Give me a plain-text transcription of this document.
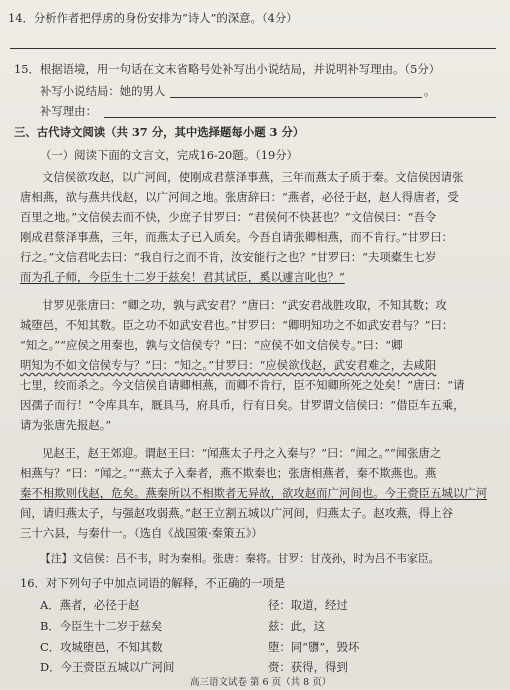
14．分析作者把俘虏的身份安排为“诗人”的深意。（4分）
15．根据语境，用一句话在文末省略号处补写出小说结局，并说明补写理由。（5分）
补写小说结局：她的男人	。
补写理由：
三、古代诗文阅读（共 37 分，其中选择题每小题 3 分）
（一）阅读下面的文言文，完成16-20题。（19分）
文信侯欲攻赵，以广河间，使刚成君蔡泽事燕，三年而燕太子质于秦。文信侯因请张
唐相燕，欲与燕共伐赵，以广河间之地。张唐辞曰：“燕者，必径于赵，赵人得唐者，受
百里之地。”文信侯去而不快，少庶子甘罗曰：“君侯何不快甚也？”文信侯曰：“吾令
刚成君蔡泽事燕，三年，而燕太子已入质矣。今吾自请张卿相燕，而不肯行。”甘罗曰：
行之。”文信君叱去曰：“我自行之而不肯，汝安能行之也？”甘罗曰：“夫项橐生七岁
而为孔子师，今臣生十二岁于兹矣！君其试臣，奚以遽言叱也？”
甘罗见张唐曰：“卿之功，孰与武安君？”唐曰：“武安君战胜攻取，不知其数；攻
城堕邑，不知其数。臣之功不如武安君也。”甘罗曰：“卿明知功之不如武安君与？”曰：
“知之。”“应侯之用秦也，孰与文信侯专？”曰：“应侯不如文信侯专。”曰：“卿
明知为不如文信侯专与？”曰：“知之。”甘罗曰：“应侯欲伐赵，武安君难之，去咸阳
七里，绞而杀之。今文信侯自请卿相燕，而卿不肯行，臣不知卿所死之处矣！”唐曰：“请
因孺子而行！”令库具车，厩具马，府具币，行有日矣。甘罗谓文信侯曰：“借臣车五乘，
请为张唐先报赵。”
见赵王，赵王郊迎。谓赵王曰：“闻燕太子丹之入秦与？”曰：“闻之。”“闻张唐之
相燕与？”曰：“闻之。”“燕太子入秦者，燕不欺秦也；张唐相燕者，秦不欺燕也。燕
秦不相欺则伐赵，危矣。燕秦所以不相欺者无异故，欲攻赵而广河间也。今王赍臣五城以广河
间，请归燕太子，与强赵攻弱燕。”赵王立割五城以广河间，归燕太子。赵攻燕，得上谷
三十六县，与秦什一。（选自《战国策·秦策五》）
【注】文信侯：吕不韦，时为秦相。张唐：秦将。甘罗：甘茂孙，时为吕不韦家臣。
16．对下列句子中加点词语的解释，不正确的一项是
A．燕者，必径于赵	径：取道，经过
B．今臣生十二岁于兹矣	兹：此，这
C．攻城堕邑，不知其数	堕：同“隳”，毁坏
D．今王赍臣五城以广河间	赍：获得，得到
高三语文试卷 第 6 页（共 8 页）
